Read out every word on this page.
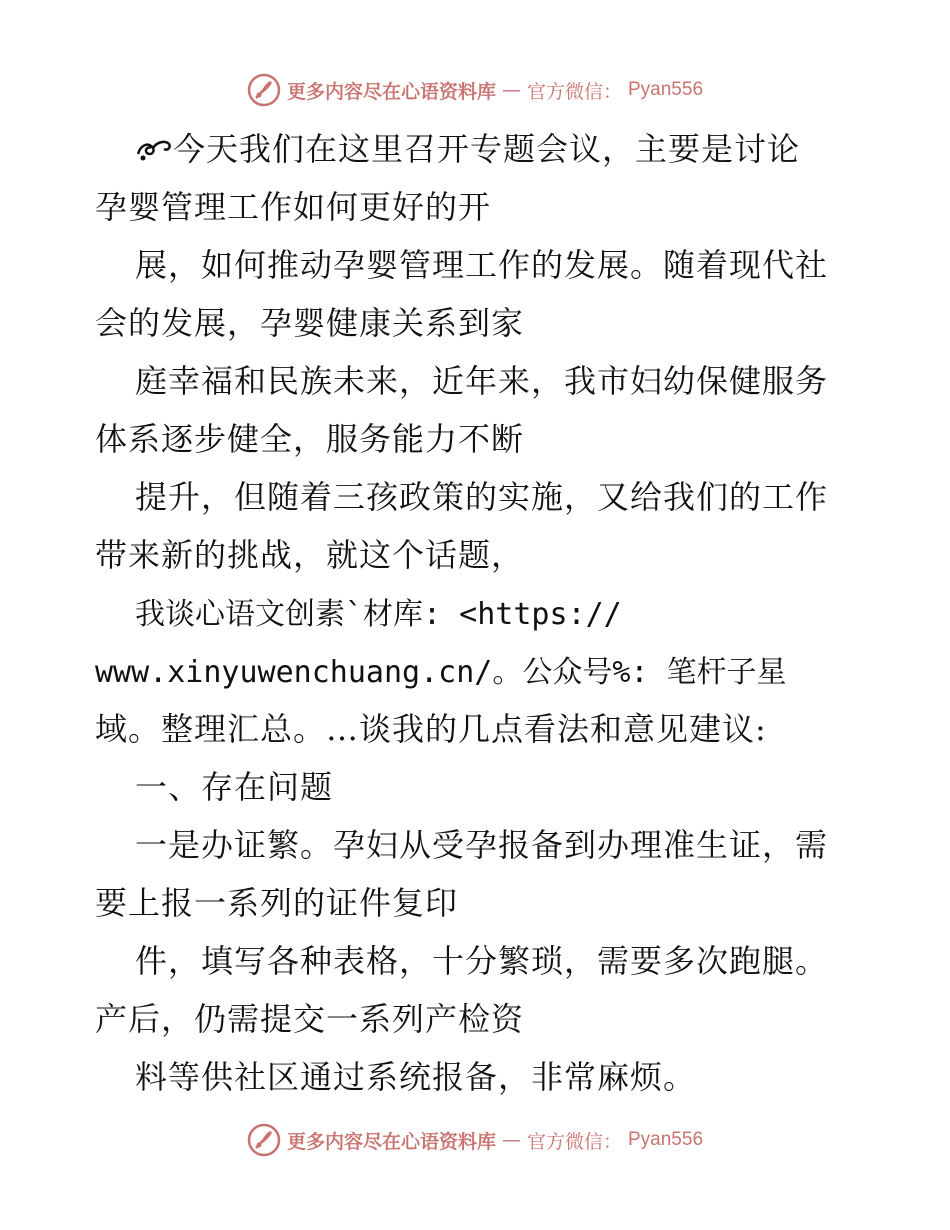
更多内容尽在心语资料库 — 官方微信： Pyan556
今天我们在这里召开专题会议，主要是讨论
孕婴管理工作如何更好的开
展，如何推动孕婴管理工作的发展。随着现代社
会的发展，孕婴健康关系到家
庭幸福和民族未来，近年来，我市妇幼保健服务
体系逐步健全，服务能力不断
提升，但随着三孩政策的实施，又给我们的工作
带来新的挑战，就这个话题，
我谈心语文创素`材库: <https://
www.xinyuwenchuang.cn/。公众号%: 笔杆子星
域。整理汇总。…谈我的几点看法和意见建议:
一、存在问题
一是办证繁。孕妇从受孕报备到办理准生证，需
要上报一系列的证件复印
件，填写各种表格，十分繁琐，需要多次跑腿。
产后，仍需提交一系列产检资
料等供社区通过系统报备，非常麻烦。
更多内容尽在心语资料库 — 官方微信： Pyan556
